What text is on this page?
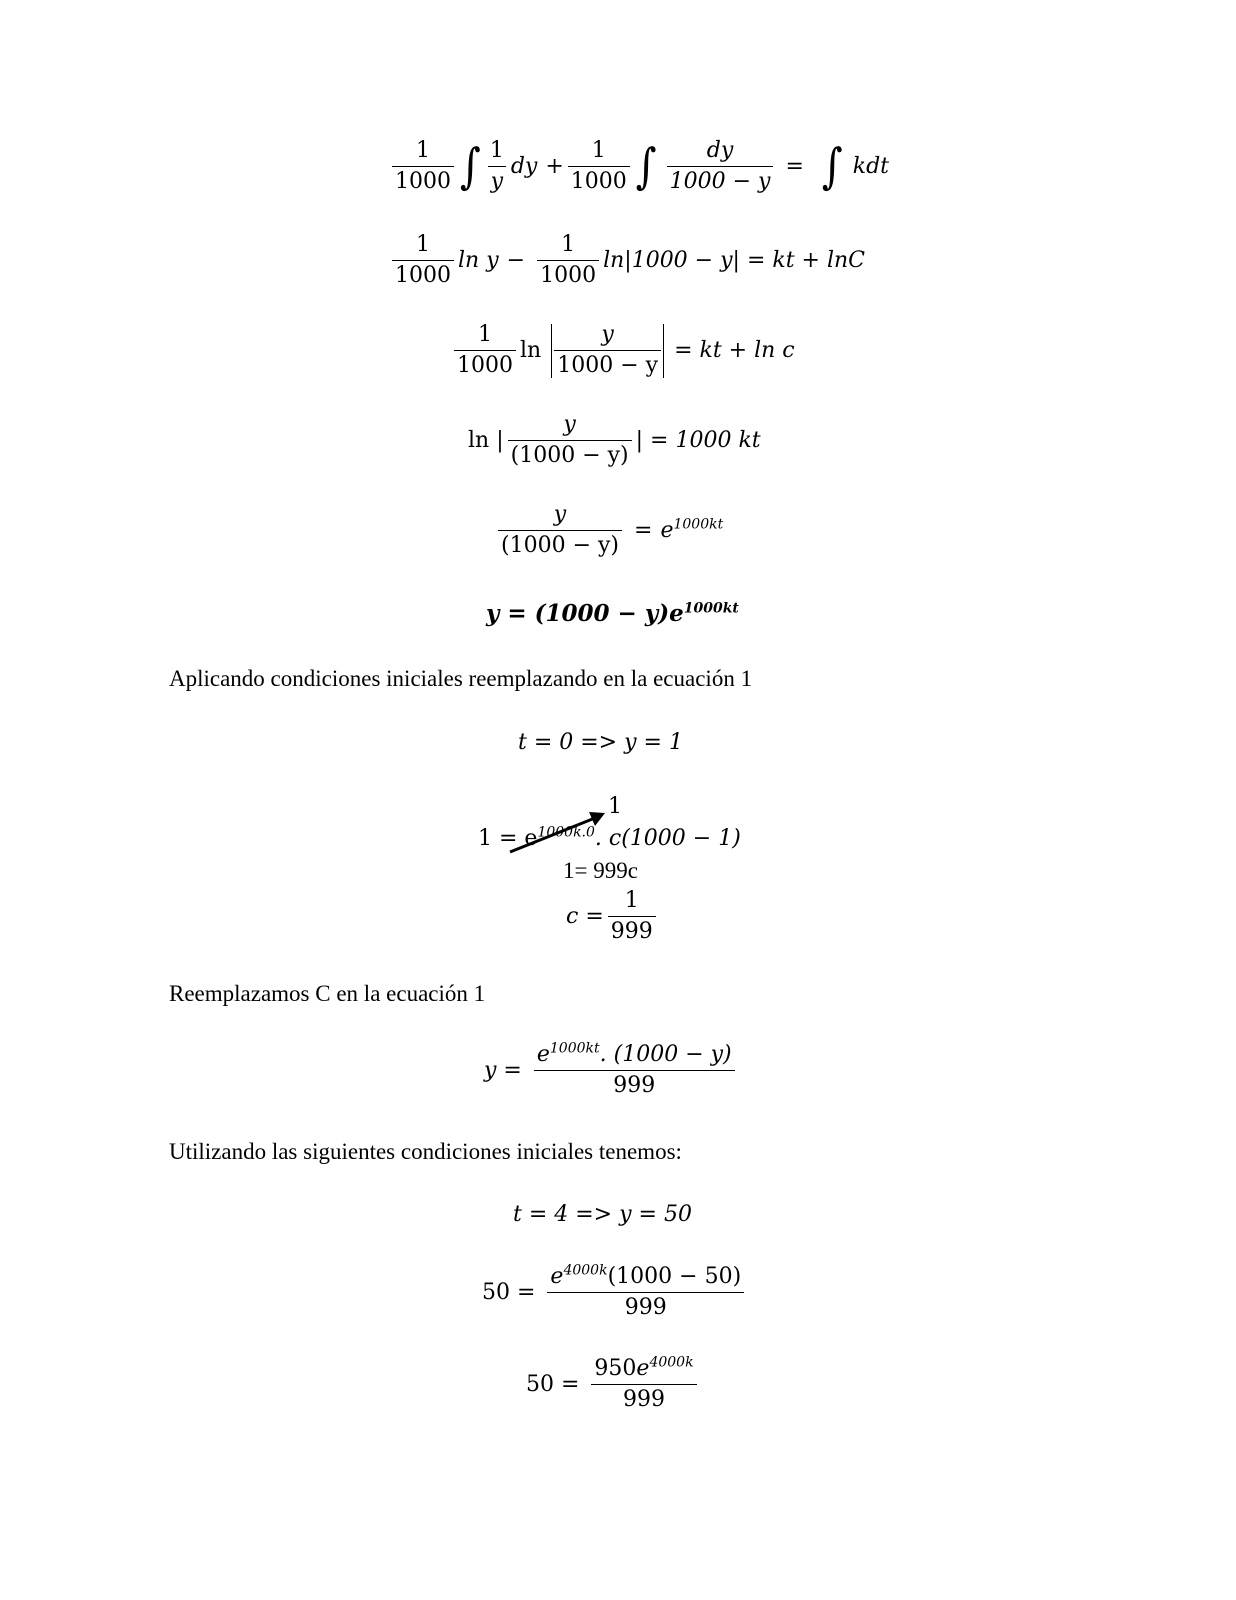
$\frac{1}{1000}$ ∫ $\frac{1}{y}$ dy + $\frac{1}{1000}$ ∫ $\frac{dy}{1000 - y}$ = ∫ kdt
$\frac{1}{1000}$ $\ln y - \frac{1}{1000} \ln|1000 - y|$ = kt + lnC
$\frac{1}{1000}$ $\ln \frac{y}{1000 - y}$ = kt + ln c
ln | $\frac{y}{(1000 - y)}$ | = 1000 kt
$\frac{y}{(1000 - y)} = e^{1000kt}$
$y = (1000 - y)e^{1000kt}$
Aplicando condiciones iniciales reemplazando en la ecuación 1
t = 0 => y = 1
1
$1 = e^{1000k.0}$. c(1000 − 1)
1= 999c
$c = \frac{1}{999}$
Reemplazamos C en la ecuación 1
$y = \frac{e^{1000kt}. (1000 - y)}{999}$
Utilizando las siguientes condiciones iniciales tenemos:
t = 4 => y = 50
$50 = \frac{e^{4000k}(1000 - 50)}{999}$
$50 = \frac{950e^{4000k}}{999}$
